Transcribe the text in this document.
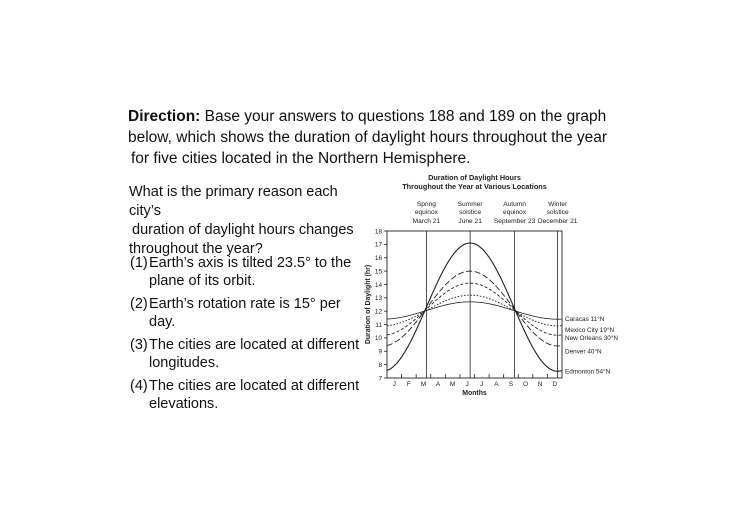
Direction: Base your answers to questions 188 and 189 on the graph

below, which shows the duration of daylight hours throughout the year

for five cities located in the Northern Hemisphere.

What is the primary reason each city’s

duration of daylight hours changes

throughout the year?

(1) Earth’s axis is tilted 23.5° to the
plane of its orbit.
(2) Earth’s rotation rate is 15° per day.
(3) The cities are located at different
longitudes.
(4) The cities are located at different
elevations.
Duration of Daylight Hours
Throughout the Year at Various Locations
Spring
equinox
March 21
Summer
solstice
June 21
Autumn
equinox
September 23
Winter
solstice
December 21
7
8
9
10
11
12
13
14
15
16
17
18
Duration of Daylight (hr)
J F M A M J J A S O N D
Months
Caracas 11°N
Mexico City 19°N
New Orleans 30°N
Denver 40°N
Edmonton 54°N
